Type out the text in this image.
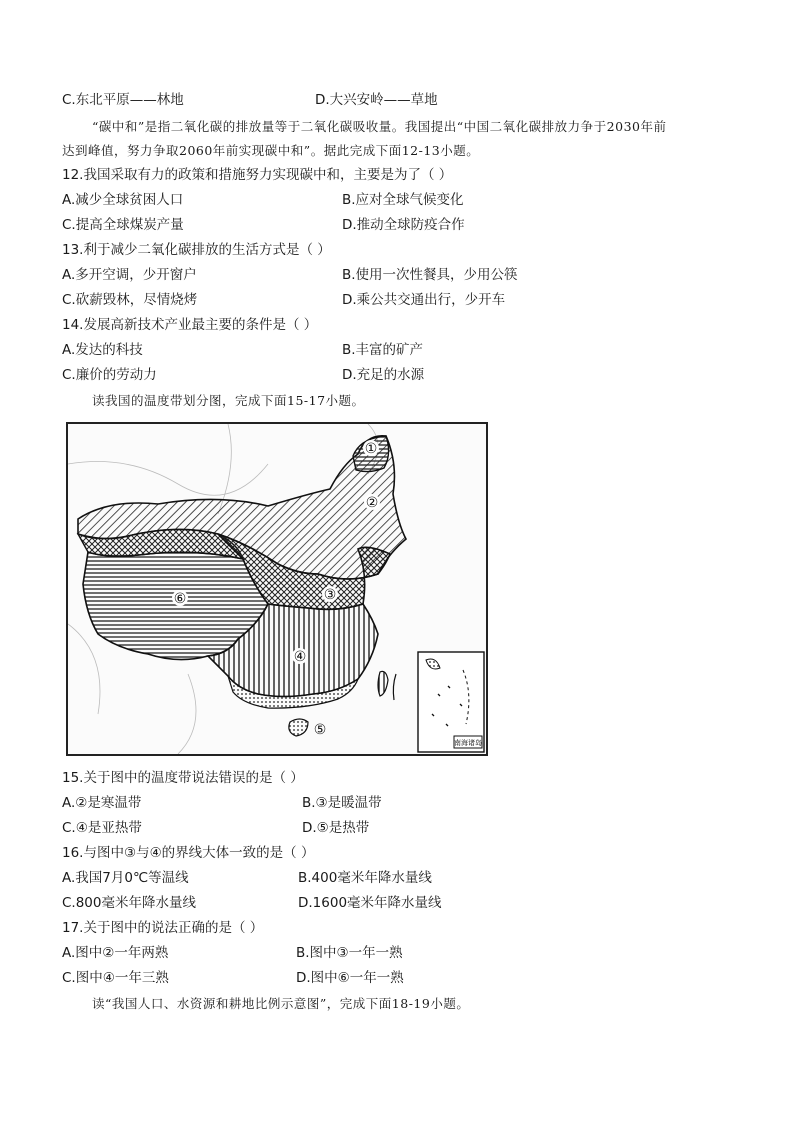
C.东北平原——林地	D.大兴安岭——草地
“碳中和”是指二氧化碳的排放量等于二氧化碳吸收量。我国提出“中国二氧化碳排放力争于2030年前
达到峰值，努力争取2060年前实现碳中和”。据此完成下面12-13小题。
12.我国采取有力的政策和措施努力实现碳中和，主要是为了（ ）
A.减少全球贫困人口	B.应对全球气候变化
C.提高全球煤炭产量	D.推动全球防疫合作
13.利于减少二氧化碳排放的生活方式是（ ）
A.多开空调，少开窗户	B.使用一次性餐具，少用公筷
C.砍薪毁林，尽情烧烤	D.乘公共交通出行，少开车
14.发展高新技术产业最主要的条件是（ ）
A.发达的科技	B.丰富的矿产
C.廉价的劳动力	D.充足的水源
读我国的温度带划分图，完成下面15-17小题。
南海诸岛
①
②
③
④
⑤
⑥
15.关于图中的温度带说法错误的是（ ）
A.②是寒温带	B.③是暖温带
C.④是亚热带	D.⑤是热带
16.与图中③与④的界线大体一致的是（ ）
A.我国7月0℃等温线	B.400毫米年降水量线
C.800毫米年降水量线	D.1600毫米年降水量线
17.关于图中的说法正确的是（ ）
A.图中②一年两熟	B.图中③一年一熟
C.图中④一年三熟	D.图中⑥一年一熟
读“我国人口、水资源和耕地比例示意图”，完成下面18-19小题。
